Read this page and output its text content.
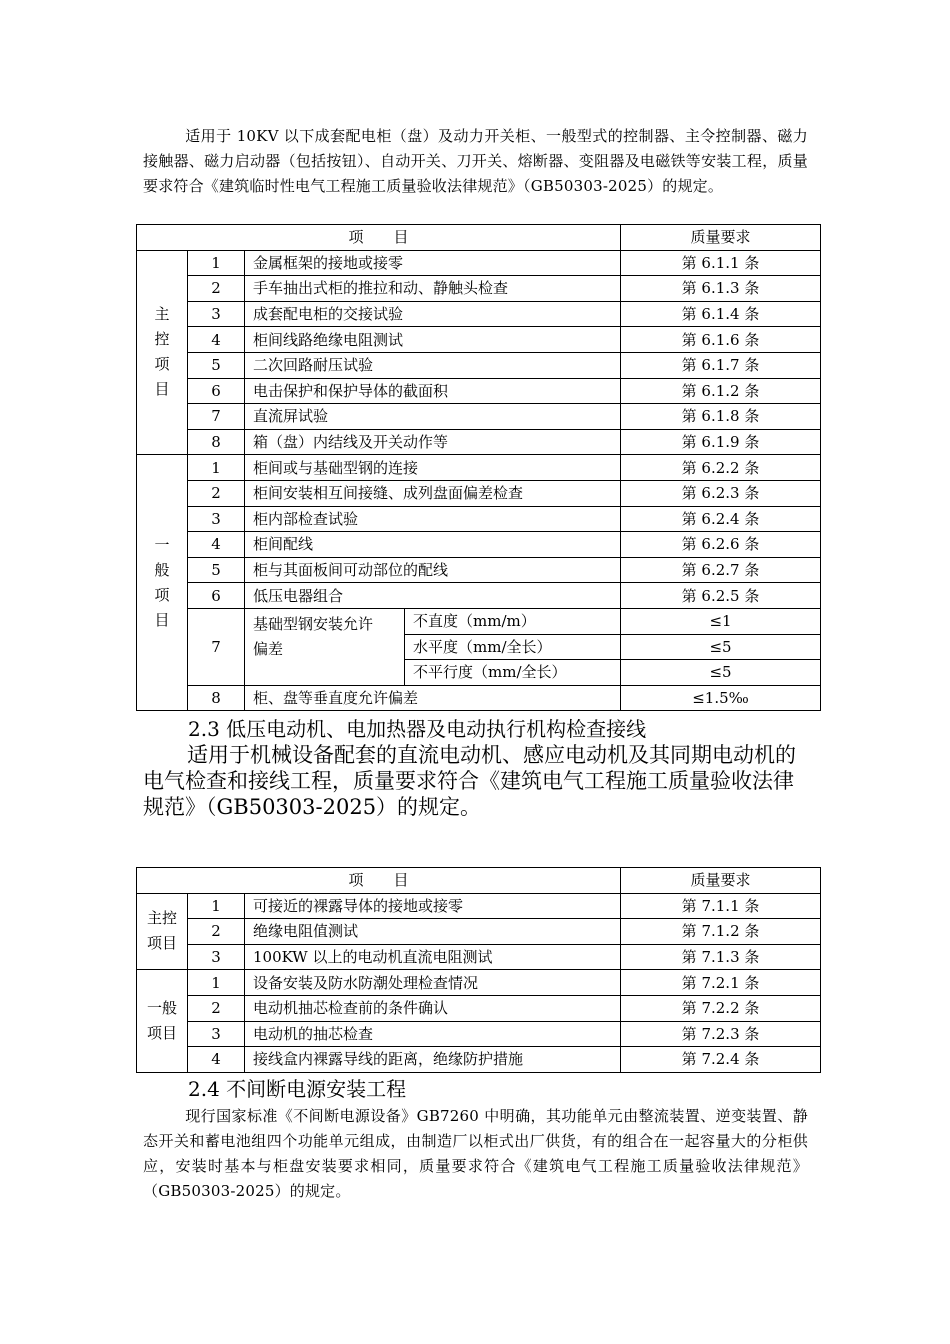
适用于 10KV 以下成套配电柜（盘）及动力开关柜、一般型式的控制器、主令控制器、磁力接触器、磁力启动器（包括按钮）、自动开关、刀开关、熔断器、变阻器及电磁铁等安装工程，质量要求符合《建筑临时性电气工程施工质量验收法律规范》（GB50303-2025）的规定。
项　　目				质量要求
主控项目	1	金属框架的接地或接零		第 6.1.1 条
	2	手车抽出式柜的推拉和动、静触头检查		第 6.1.3 条
	3	成套配电柜的交接试验		第 6.1.4 条
	4	柜间线路绝缘电阻测试		第 6.1.6 条
	5	二次回路耐压试验		第 6.1.7 条
	6	电击保护和保护导体的截面积		第 6.1.2 条
	7	直流屏试验		第 6.1.8 条
	8	箱（盘）内结线及开关动作等		第 6.1.9 条
一般项目	1	柜间或与基础型钢的连接		第 6.2.2 条
	2	柜间安装相互间接缝、成列盘面偏差检查		第 6.2.3 条
	3	柜内部检查试验		第 6.2.4 条
	4	柜间配线		第 6.2.6 条
	5	柜与其面板间可动部位的配线		第 6.2.7 条
	6	低压电器组合		第 6.2.5 条
	7	基础型钢安装允许偏差	不直度（mm/m）	≤1
			水平度（mm/全长）	≤5
			不平行度（mm/全长）	≤5
	8	柜、盘等垂直度允许偏差		≤1.5‰
2.3 低压电动机、电加热器及电动执行机构检查接线
适用于机械设备配套的直流电动机、感应电动机及其同期电动机的电气检查和接线工程，质量要求符合《建筑电气工程施工质量验收法律规范》（GB50303-2025）的规定。
项　　目			质量要求
主控项目	1	可接近的裸露导体的接地或接零	第 7.1.1 条
	2	绝缘电阻值测试	第 7.1.2 条
	3	100KW 以上的电动机直流电阻测试	第 7.1.3 条
一般项目	1	设备安装及防水防潮处理检查情况	第 7.2.1 条
	2	电动机抽芯检查前的条件确认	第 7.2.2 条
	3	电动机的抽芯检查	第 7.2.3 条
	4	接线盒内裸露导线的距离，绝缘防护措施	第 7.2.4 条
2.4 不间断电源安装工程
现行国家标准《不间断电源设备》GB7260 中明确，其功能单元由整流装置、逆变装置、静态开关和蓄电池组四个功能单元组成，由制造厂以柜式出厂供货，有的组合在一起容量大的分柜供应，安装时基本与柜盘安装要求相同，质量要求符合《建筑电气工程施工质量验收法律规范》（GB50303-2025）的规定。
